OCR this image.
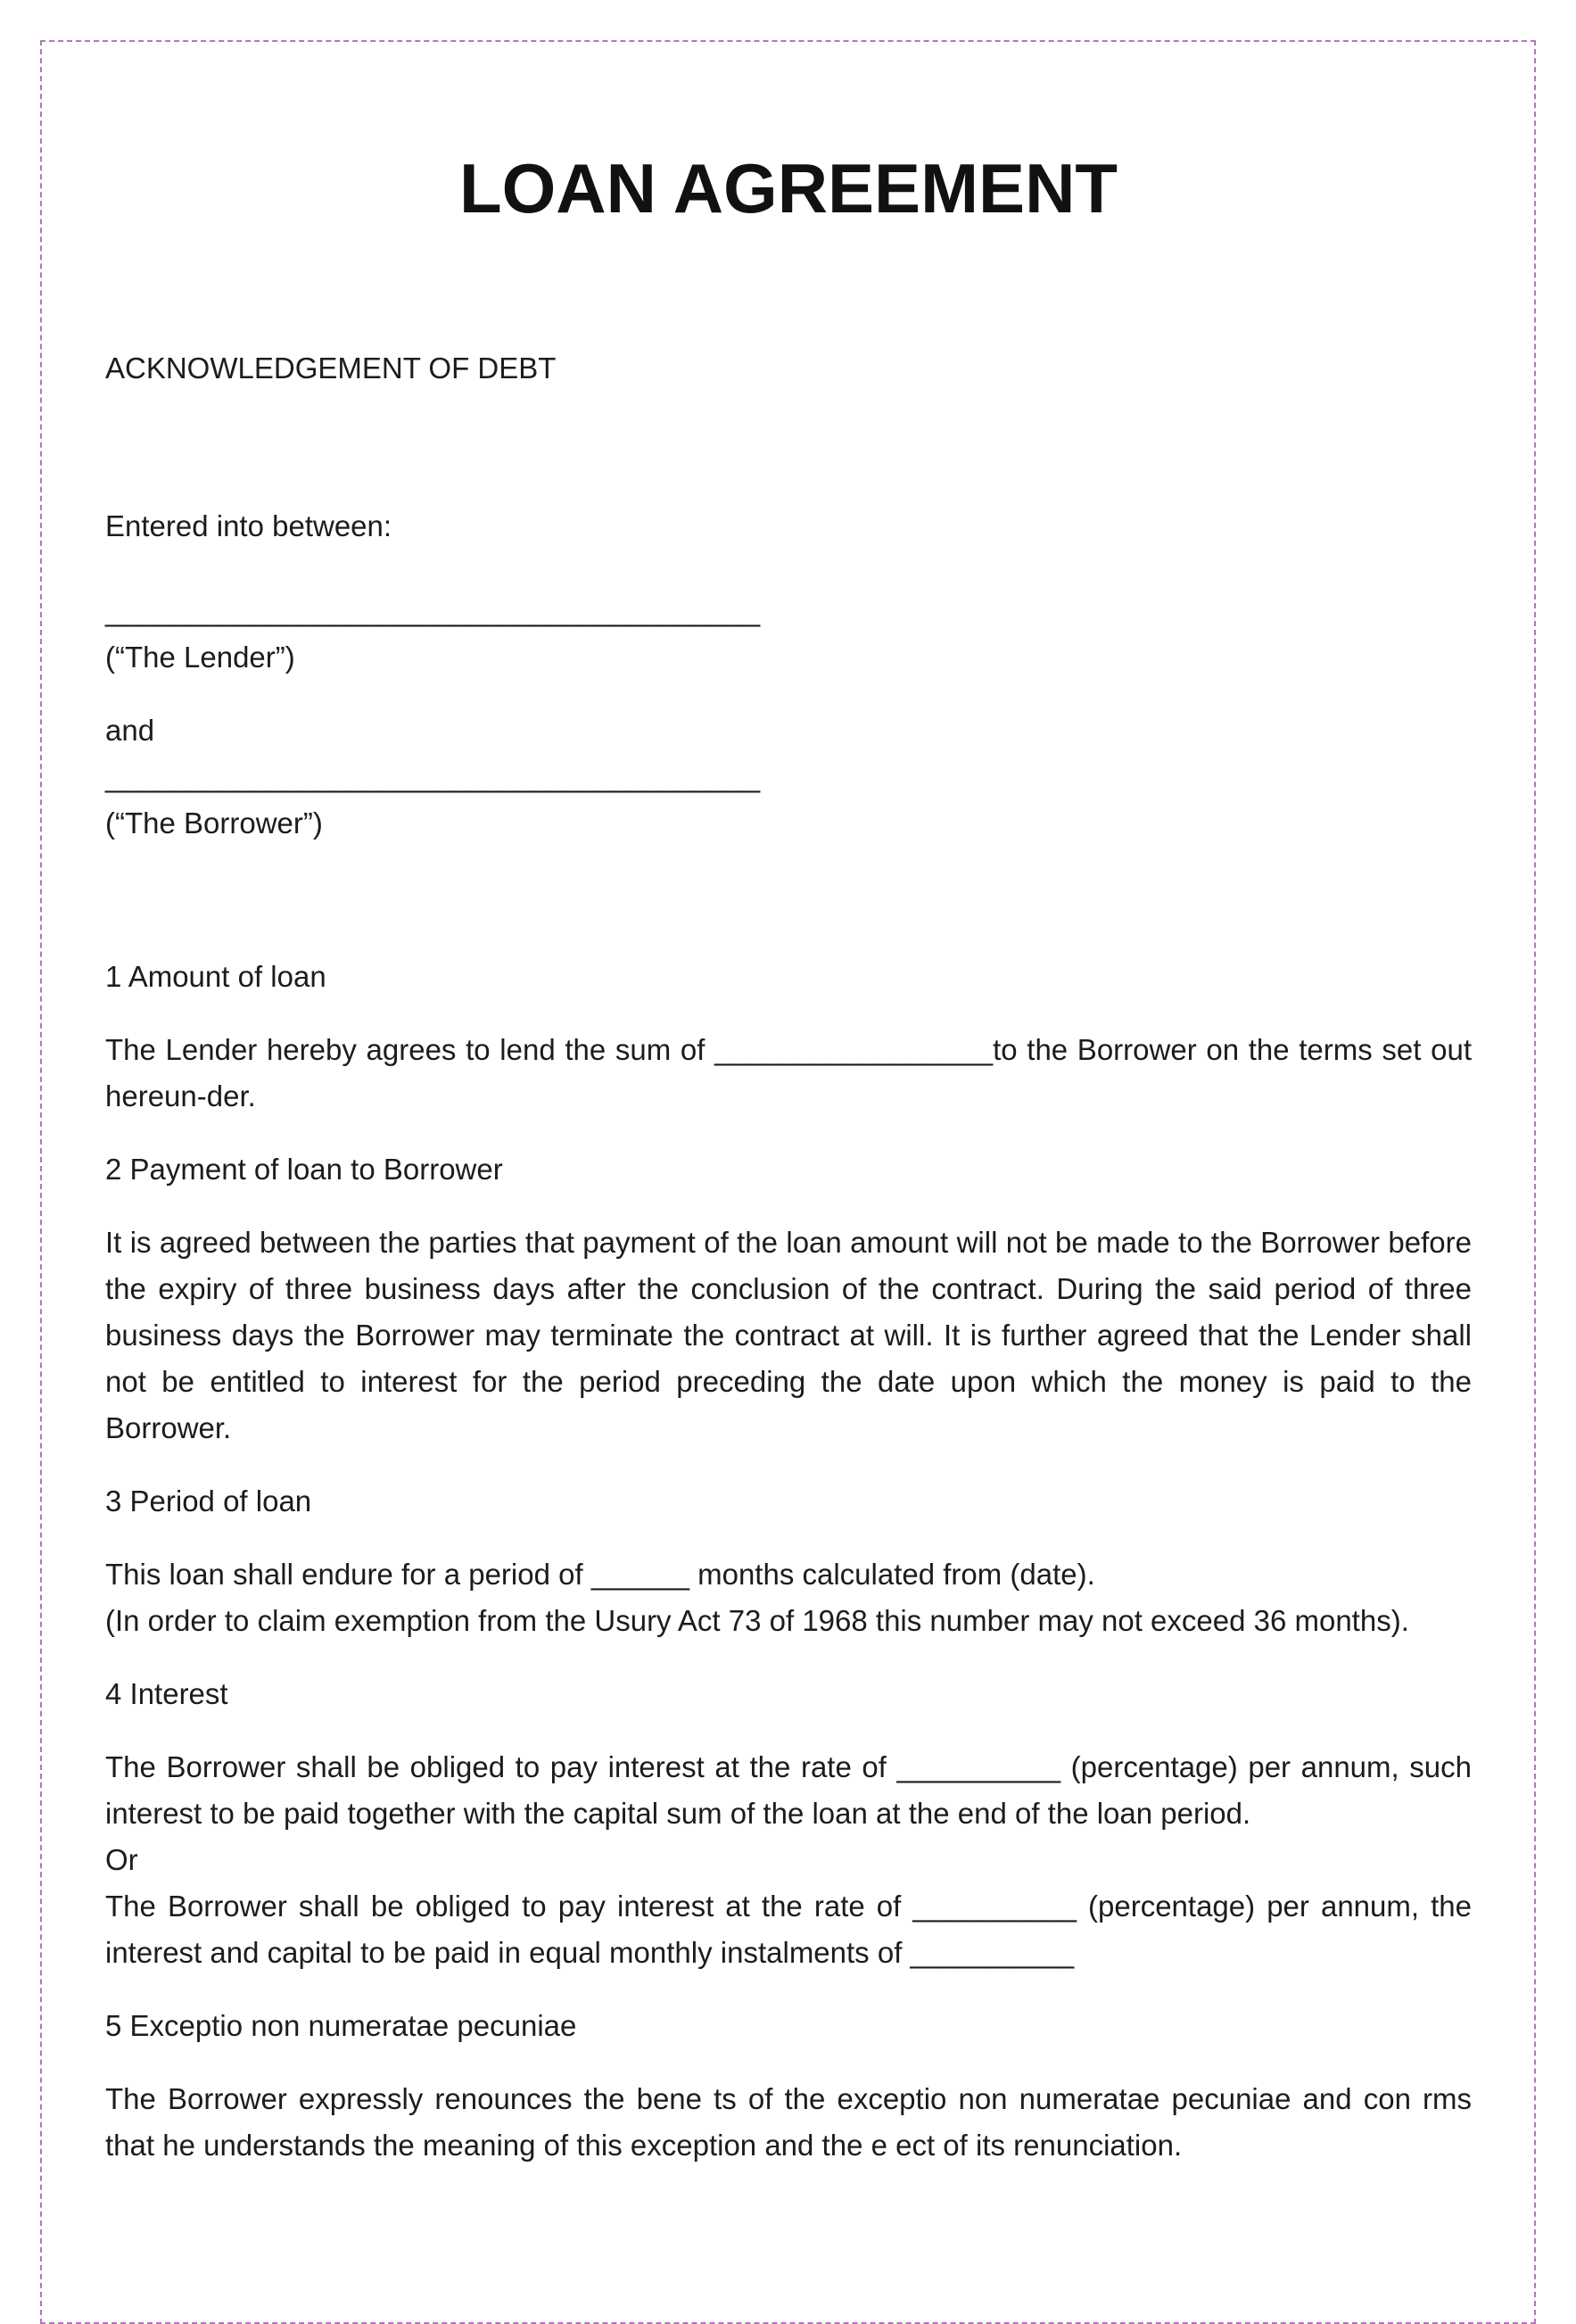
LOAN AGREEMENT

ACKNOWLEDGEMENT OF DEBT

Entered into between:

________________________________________

(“The Lender”)

and

________________________________________

(“The Borrower”)

1 Amount of loan

The Lender hereby agrees to lend the sum of _________________to the Borrower on the terms set out hereun-der.

2 Payment of loan to Borrower

It is agreed between the parties that payment of the loan amount will not be made to the Borrower before the expiry of three business days after the conclusion of the contract. During the said period of three business days the Borrower may terminate the contract at will. It is further agreed that the Lender shall not be entitled to interest for the period preceding the date upon which the money is paid to the Borrower.

3 Period of loan

This loan shall endure for a period of ______ months calculated from (date).

(In order to claim exemption from the Usury Act 73 of 1968 this number may not exceed 36 months).

4 Interest

The Borrower shall be obliged to pay interest at the rate of __________ (percentage) per annum, such interest to be paid together with the capital sum of the loan at the end of the loan period.

Or

The Borrower shall be obliged to pay interest at the rate of __________ (percentage) per annum, the interest and capital to be paid in equal monthly instalments of __________

5 Exceptio non numeratae pecuniae

The Borrower expressly renounces the bene ts of the exceptio non numeratae pecuniae and con rms that he understands the meaning of this exception and the e ect of its renunciation.
